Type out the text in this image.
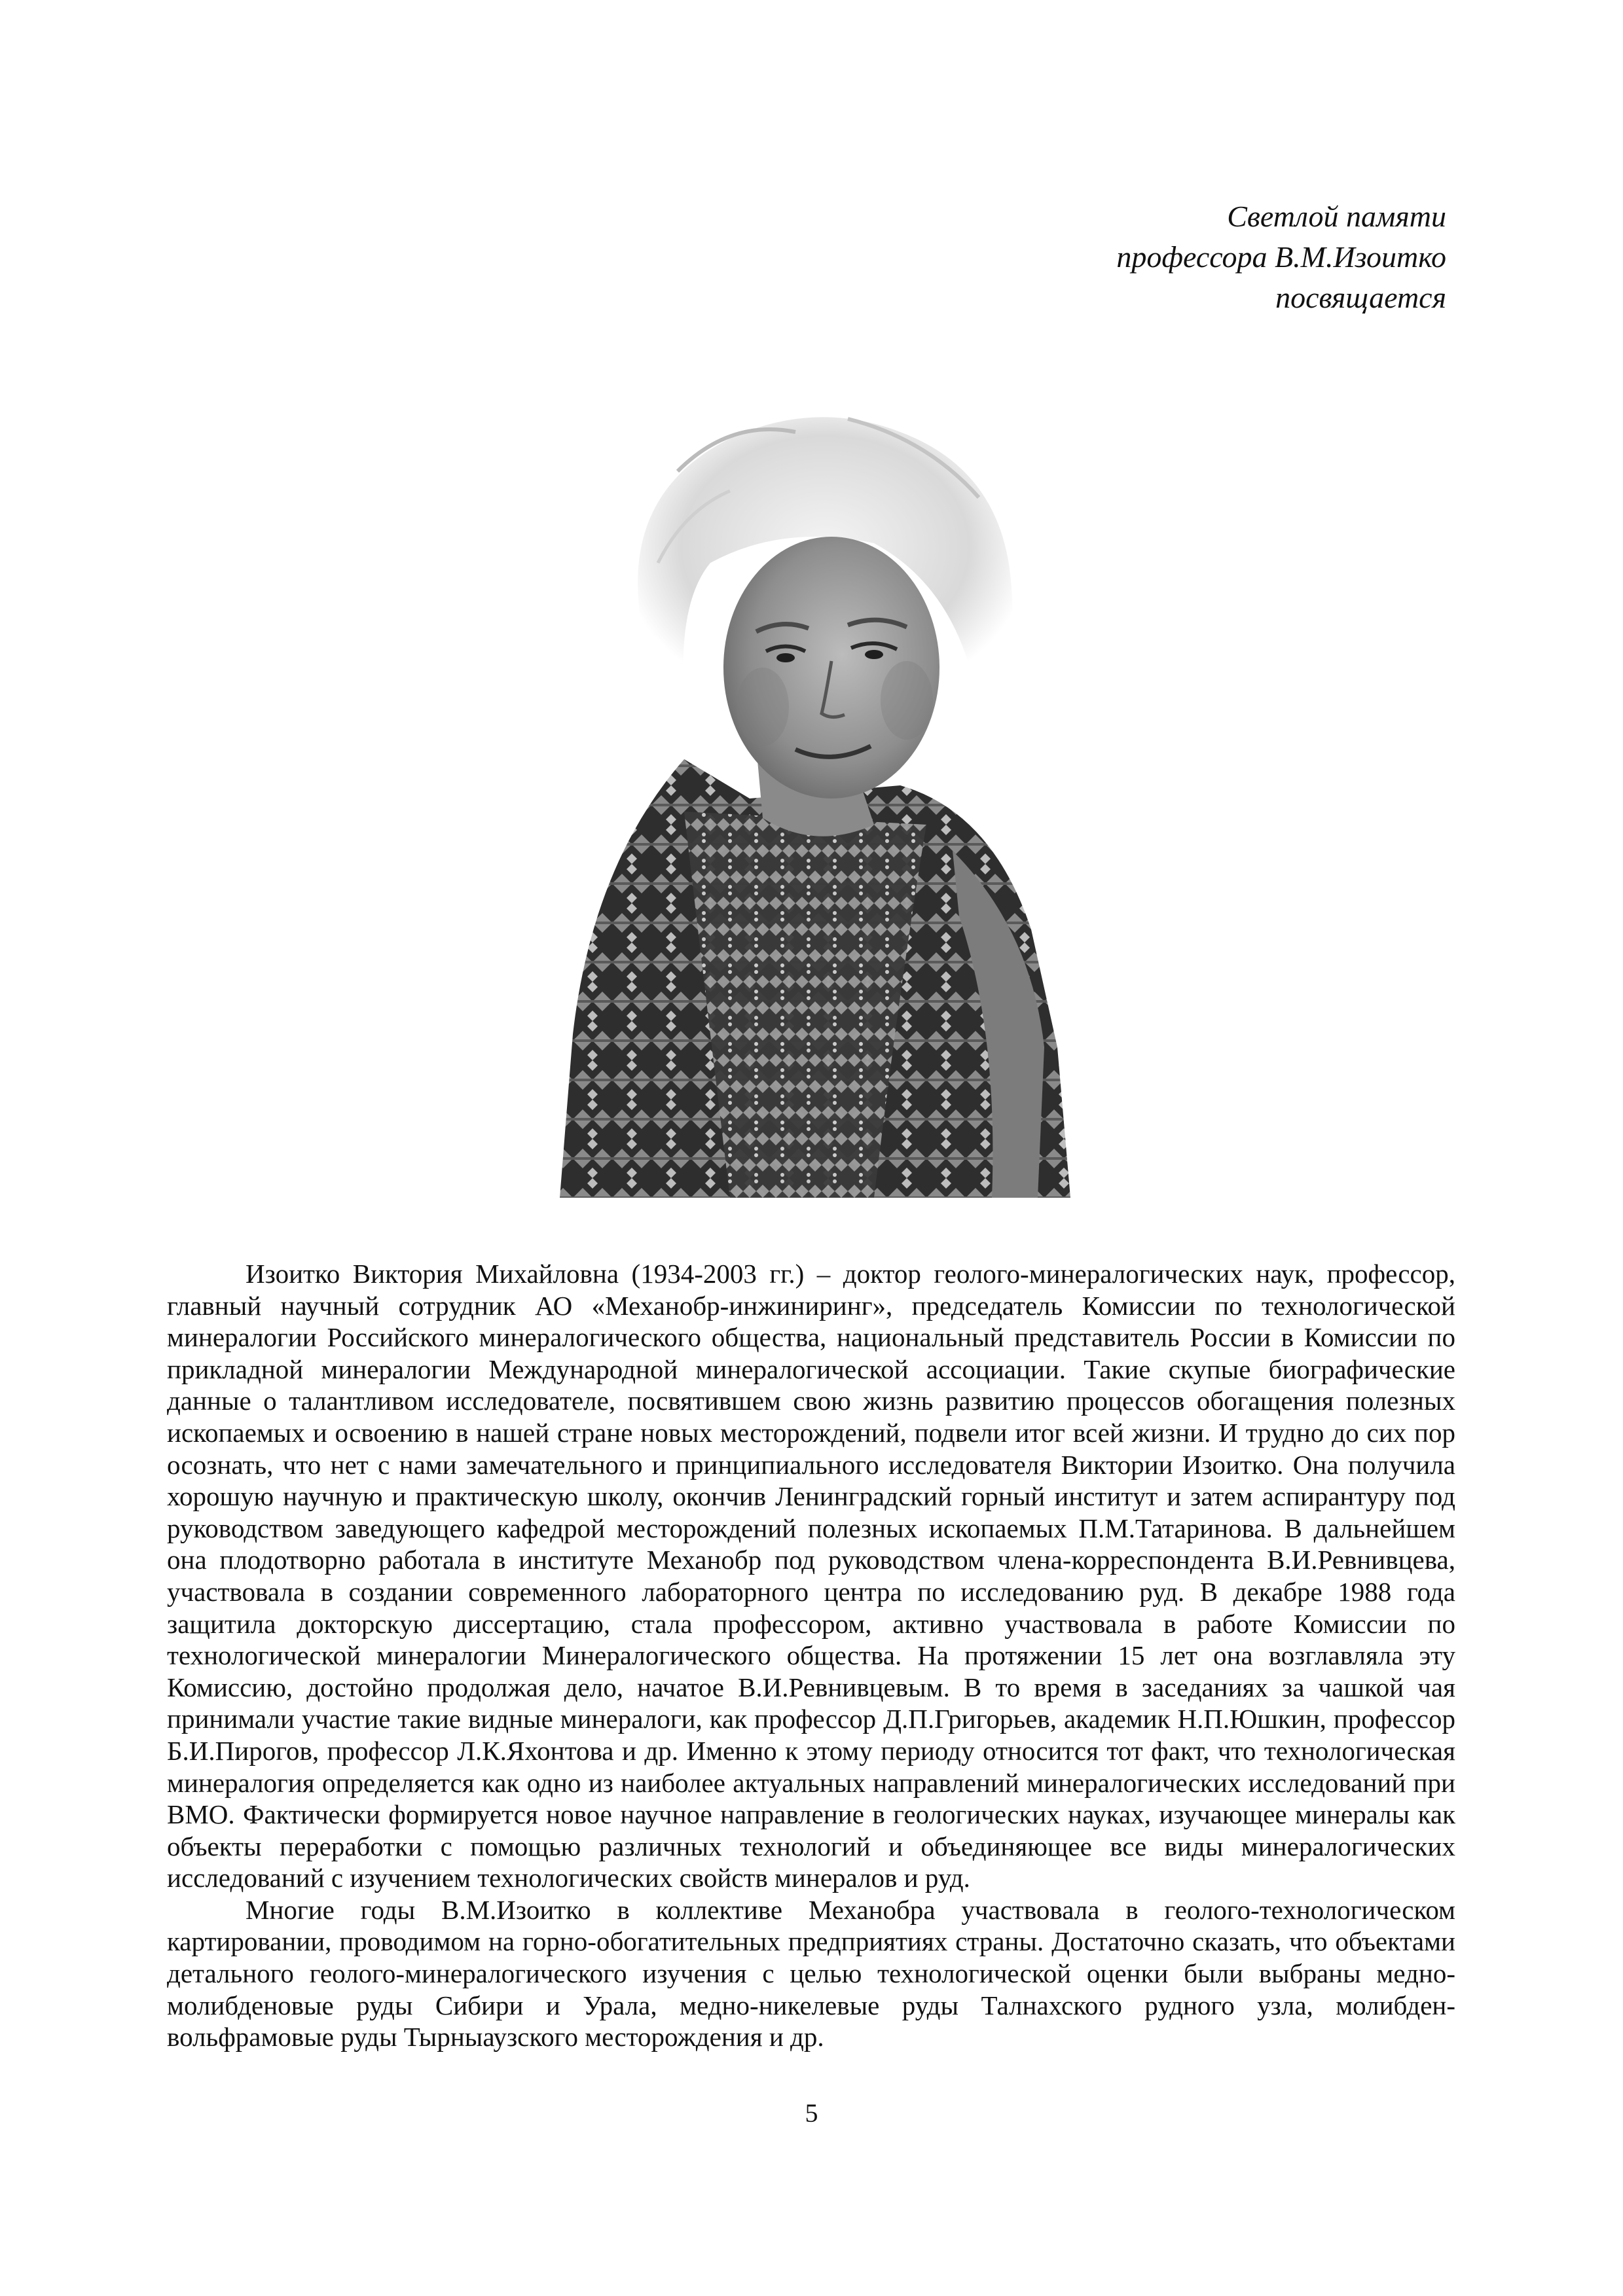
Светлой памяти
профессора В.М.Изоитко
посвящается

Изоитко Виктория Михайловна (1934-2003 гг.) – доктор геолого-минералогических наук, профессор, главный научный сотрудник АО «Механобр-инжиниринг», председатель Комиссии по технологической минералогии Российского минералогического общества, национальный представитель России в Комиссии по прикладной минералогии Международной минералогической ассоциации. Такие скупые биографические данные о талантливом исследователе, посвятившем свою жизнь развитию процессов обогащения полезных ископаемых и освоению в нашей стране новых месторождений, подвели итог всей жизни. И трудно до сих пор осознать, что нет с нами замечательного и принципиального исследователя Виктории Изоитко. Она получила хорошую научную и практическую школу, окончив Ленинградский горный институт и затем аспирантуру под руководством заведующего кафедрой месторождений полезных ископаемых П.М.Татаринова. В дальнейшем она плодотворно работала в институте Механобр под руководством члена-корреспондента В.И.Ревнивцева, участвовала в создании современного лабораторного центра по исследованию руд. В декабре 1988 года защитила докторскую диссертацию, стала профессором, активно участвовала в работе Комиссии по технологической минералогии Минералогического общества. На протяжении 15 лет она возглавляла эту Комиссию, достойно продолжая дело, начатое В.И.Ревнивцевым. В то время в заседаниях за чашкой чая принимали участие такие видные минералоги, как профессор Д.П.Григорьев, академик Н.П.Юшкин, профессор Б.И.Пирогов, профессор Л.К.Яхонтова и др. Именно к этому периоду относится тот факт, что технологическая минералогия определяется как одно из наиболее актуальных направлений минералогических исследований при ВМО. Фактически формируется новое научное направление в геологических науках, изучающее минералы как объекты переработки с помощью различных технологий и объединяющее все виды минералогических исследований с изучением технологических свойств минералов и руд.

Многие годы В.М.Изоитко в коллективе Механобра участвовала в геолого-технологическом картировании, проводимом на горно-обогатительных предприятиях страны. Достаточно сказать, что объектами детального геолого-минералогического изучения с целью технологической оценки были выбраны медно-молибденовые руды Сибири и Урала, медно-никелевые руды Талнахского рудного узла, молибден-вольфрамовые руды Тырныаузского месторождения и др.

5
